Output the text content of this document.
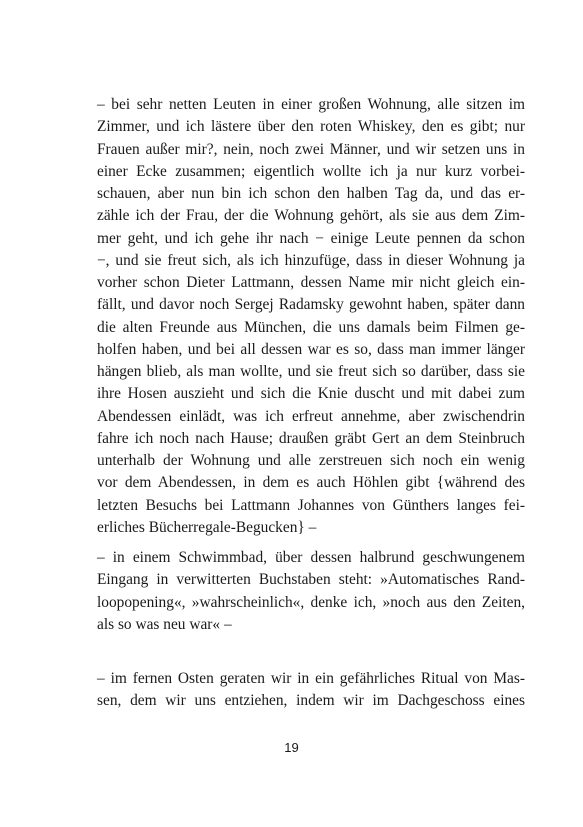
– bei sehr netten Leuten in einer großen Wohnung, alle sitzen im
Zimmer, und ich lästere über den roten Whiskey, den es gibt; nur
Frauen außer mir?, nein, noch zwei Männer, und wir setzen uns in
einer Ecke zusammen; eigentlich wollte ich ja nur kurz vorbei-
schauen, aber nun bin ich schon den halben Tag da, und das er-
zähle ich der Frau, der die Wohnung gehört, als sie aus dem Zim-
mer geht, und ich gehe ihr nach − einige Leute pennen da schon
−, und sie freut sich, als ich hinzufüge, dass in dieser Wohnung ja
vorher schon Dieter Lattmann, dessen Name mir nicht gleich ein-
fällt, und davor noch Sergej Radamsky gewohnt haben, später dann
die alten Freunde aus München, die uns damals beim Filmen ge-
holfen haben, und bei all dessen war es so, dass man immer länger
hängen blieb, als man wollte, und sie freut sich so darüber, dass sie
ihre Hosen auszieht und sich die Knie duscht und mit dabei zum
Abendessen einlädt, was ich erfreut annehme, aber zwischendrin
fahre ich noch nach Hause; draußen gräbt Gert an dem Steinbruch
unterhalb der Wohnung und alle zerstreuen sich noch ein wenig
vor dem Abendessen, in dem es auch Höhlen gibt {während des
letzten Besuchs bei Lattmann Johannes von Günthers langes fei-
erliches Bücherregale-Begucken} –
– in einem Schwimmbad, über dessen halbrund geschwungenem
Eingang in verwitterten Buchstaben steht: »Automatisches Rand-
loopopening«, »wahrscheinlich«, denke ich, »noch aus den Zeiten,
als so was neu war« –
– im fernen Osten geraten wir in ein gefährliches Ritual von Mas-
sen, dem wir uns entziehen, indem wir im Dachgeschoss eines
19
